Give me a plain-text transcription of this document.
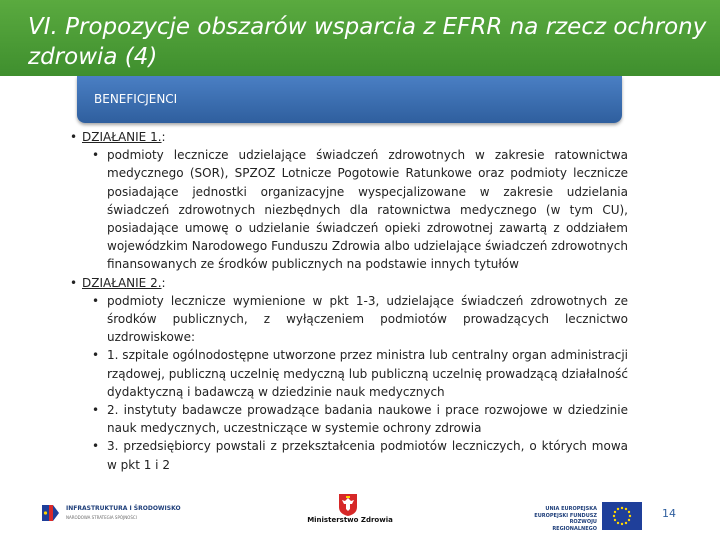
VI. Propozycje obszarów wsparcia z EFRR na rzecz ochrony zdrowia (4)
BENEFICJENCI
• DZIAŁANIE 1.:
• podmioty lecznicze udzielające świadczeń zdrowotnych w zakresie ratownictwa medycznego (SOR), SPZOZ Lotnicze Pogotowie Ratunkowe oraz podmioty lecznicze posiadające jednostki organizacyjne wyspecjalizowane w zakresie udzielania świadczeń zdrowotnych niezbędnych dla ratownictwa medycznego (w tym CU), posiadające umowę o udzielanie świadczeń opieki zdrowotnej zawartą z oddziałem wojewódzkim Narodowego Funduszu Zdrowia albo udzielające świadczeń zdrowotnych finansowanych ze środków publicznych na podstawie innych tytułów
• DZIAŁANIE 2.:
• podmioty lecznicze wymienione w pkt 1-3, udzielające świadczeń zdrowotnych ze środków publicznych, z wyłączeniem podmiotów prowadzących lecznictwo uzdrowiskowe:
• 1. szpitale ogólnodostępne utworzone przez ministra lub centralny organ administracji rządowej, publiczną uczelnię medyczną lub publiczną uczelnię prowadzącą działalność dydaktyczną i badawczą w dziedzinie nauk medycznych
• 2. instytuty badawcze prowadzące badania naukowe i prace rozwojowe w dziedzinie nauk medycznych, uczestniczące w systemie ochrony zdrowia
• 3. przedsiębiorcy powstali z przekształcenia podmiotów leczniczych, o których mowa w pkt 1 i 2
INFRASTRUKTURA I ŚRODOWISKO
NARODOWA STRATEGIA SPÓJNOŚCI	Ministerstwo Zdrowia
UNIA EUROPEJSKA
EUROPEJSKI FUNDUSZ
ROZWOJU REGIONALNEGO
14
